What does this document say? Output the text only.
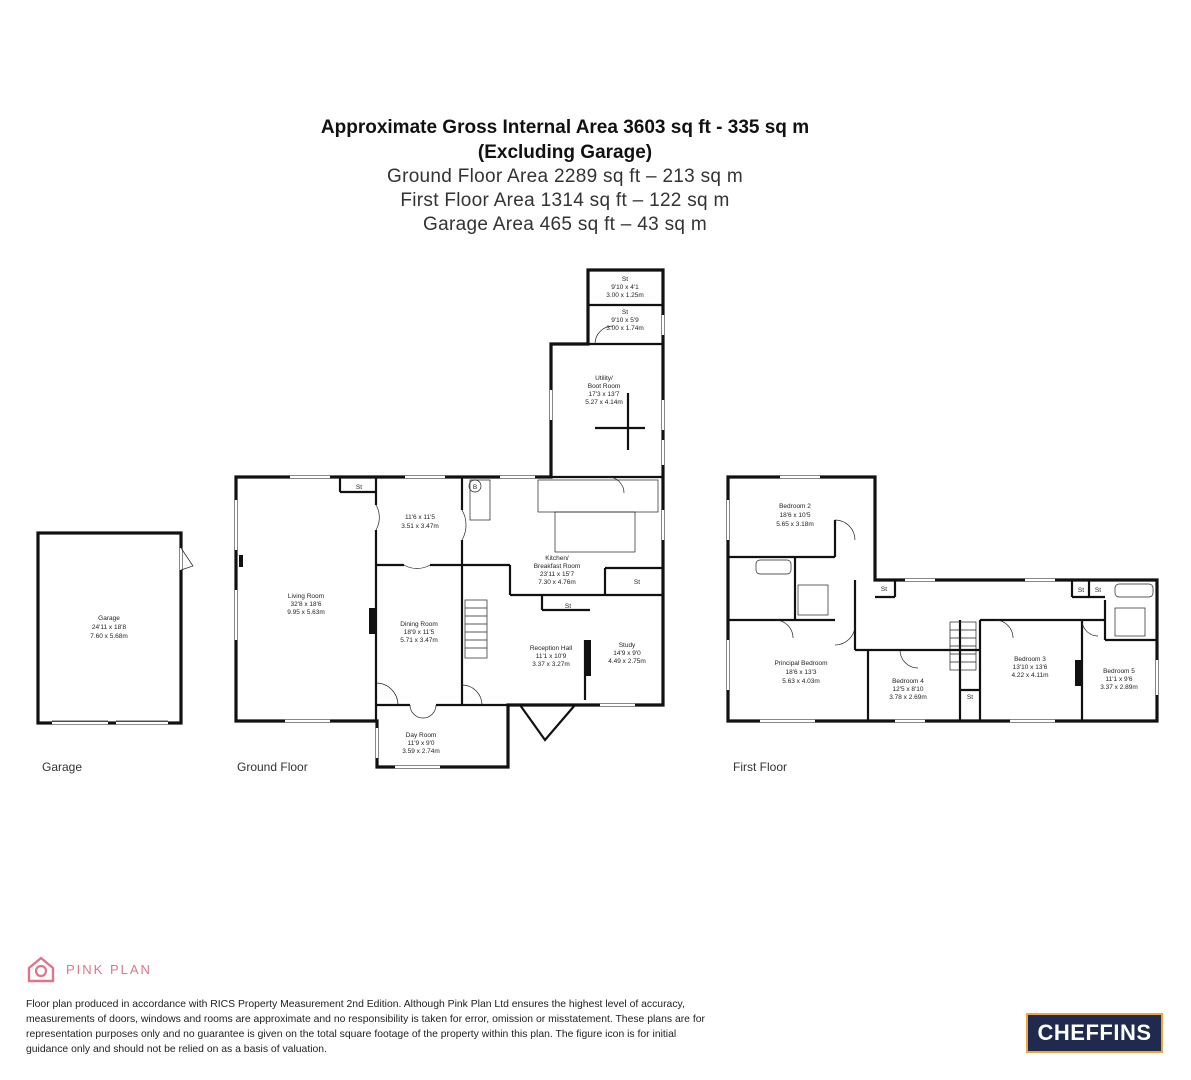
Approximate Gross Internal Area 3603 sq ft - 335 sq m
(Excluding Garage)
Ground Floor Area 2289 sq ft – 213 sq m
First Floor Area 1314 sq ft – 122 sq m
Garage Area 465 sq ft – 43 sq m
Garage
24'11 x 18'8
7.60 x 5.68m
Living Room
32'8 x 18'6
9.95 x 5.63m
11'6 x 11'5
3.51 x 3.47m
Dining Room
18'9 x 11'5
5.71 x 3.47m
Kitchen/
Breakfast Room
23'11 x 15'7
7.30 x 4.76m
Utility/
Boot Room
17'3 x 13'7
5.27 x 4.14m
St
9'10 x 4'1
3.00 x 1.25m
St
9'10 x 5'9
3.00 x 1.74m
Reception Hall
11'1 x 10'9
3.37 x 3.27m
Study
14'9 x 9'0
4.49 x 2.75m
Day Room
11'9 x 9'0
3.59 x 2.74m
St
St
St
B
Bedroom 2
18'6 x 10'5
5.65 x 3.18m
Principal Bedroom
18'6 x 13'3
5.63 x 4.03m
Bedroom 3
13'10 x 13'6
4.22 x 4.11m
Bedroom 4
12'5 x 8'10
3.78 x 2.69m
Bedroom 5
11'1 x 9'6
3.37 x 2.89m
St	St St
St
Garage	Ground Floor	First Floor
PINK PLAN
Floor plan produced in accordance with RICS Property Measurement 2nd Edition. Although Pink Plan Ltd ensures the highest level of accuracy, measurements of doors, windows and rooms are approximate and no responsibility is taken for error, omission or misstatement. These plans are for representation purposes only and no guarantee is given on the total square footage of the property within this plan. The figure icon is for initial guidance only and should not be relied on as a basis of valuation.
CHEFFINS
